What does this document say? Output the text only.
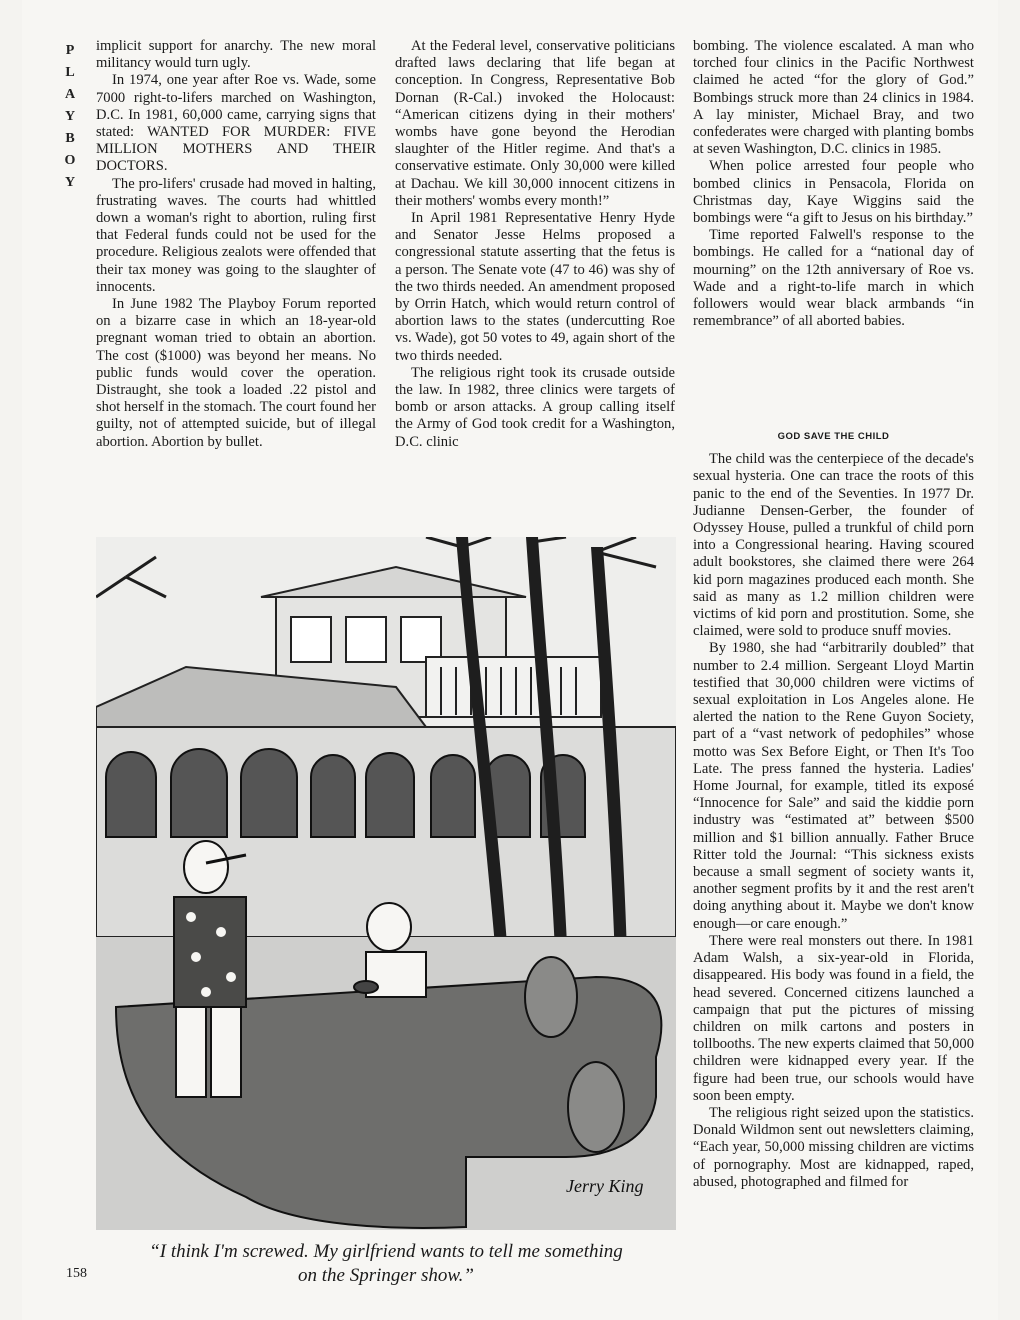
P
L
A
Y
B
O
Y

implicit support for anarchy. The new moral militancy would turn ugly.

In 1974, one year after Roe vs. Wade, some 7000 right-to-lifers marched on Washington, D.C. In 1981, 60,000 came, carrying signs that stated: WANTED FOR MURDER: FIVE MILLION MOTHERS AND THEIR DOCTORS.

The pro-lifers' crusade had moved in halting, frustrating waves. The courts had whittled down a woman's right to abortion, ruling first that Federal funds could not be used for the procedure. Religious zealots were offended that their tax money was going to the slaughter of innocents.

In June 1982 The Playboy Forum reported on a bizarre case in which an 18-year-old pregnant woman tried to obtain an abortion. The cost ($1000) was beyond her means. No public funds would cover the operation. Distraught, she took a loaded .22 pistol and shot herself in the stomach. The court found her guilty, not of attempted suicide, but of illegal abortion. Abortion by bullet.

At the Federal level, conservative politicians drafted laws declaring that life began at conception. In Congress, Representative Bob Dornan (R-Cal.) invoked the Holocaust: “American citizens dying in their mothers' wombs have gone beyond the Herodian slaughter of the Hitler regime. And that's a conservative estimate. Only 30,000 were killed at Dachau. We kill 30,000 innocent citizens in their mothers' wombs every month!”

In April 1981 Representative Henry Hyde and Senator Jesse Helms proposed a congressional statute asserting that the fetus is a person. The Senate vote (47 to 46) was shy of the two thirds needed. An amendment proposed by Orrin Hatch, which would return control of abortion laws to the states (undercutting Roe vs. Wade), got 50 votes to 49, again short of the two thirds needed.

The religious right took its crusade outside the law. In 1982, three clinics were targets of bomb or arson attacks. A group calling itself the Army of God took credit for a Washington, D.C. clinic

bombing. The violence escalated. A man who torched four clinics in the Pacific Northwest claimed he acted “for the glory of God.” Bombings struck more than 24 clinics in 1984. A lay minister, Michael Bray, and two confederates were charged with planting bombs at seven Washington, D.C. clinics in 1985.

When police arrested four people who bombed clinics in Pensacola, Florida on Christmas day, Kaye Wiggins said the bombings were “a gift to Jesus on his birthday.”

Time reported Falwell's response to the bombings. He called for a “national day of mourning” on the 12th anniversary of Roe vs. Wade and a right-to-life march in which followers would wear black armbands “in remembrance” of all aborted babies.

GOD SAVE THE CHILD

The child was the centerpiece of the decade's sexual hysteria. One can trace the roots of this panic to the end of the Seventies. In 1977 Dr. Judianne Densen-Gerber, the founder of Odyssey House, pulled a trunkful of child porn into a Congressional hearing. Having scoured adult bookstores, she claimed there were 264 kid porn magazines produced each month. She said as many as 1.2 million children were victims of kid porn and prostitution. Some, she claimed, were sold to produce snuff movies.

By 1980, she had “arbitrarily doubled” that number to 2.4 million. Sergeant Lloyd Martin testified that 30,000 children were victims of sexual exploitation in Los Angeles alone. He alerted the nation to the Rene Guyon Society, part of a “vast network of pedophiles” whose motto was Sex Before Eight, or Then It's Too Late. The press fanned the hysteria. Ladies' Home Journal, for example, titled its exposé “Innocence for Sale” and said the kiddie porn industry was “estimated at” between $500 million and $1 billion annually. Father Bruce Ritter told the Journal: “This sickness exists because a small segment of society wants it, another segment profits by it and the rest aren't doing anything about it. Maybe we don't know enough—or care enough.”

There were real monsters out there. In 1981 Adam Walsh, a six-year-old in Florida, disappeared. His body was found in a field, the head severed. Concerned citizens launched a campaign that put the pictures of missing children on milk cartons and posters in tollbooths. The new experts claimed that 50,000 children were kidnapped every year. If the figure had been true, our schools would have soon been empty.

The religious right seized upon the statistics. Donald Wildmon sent out newsletters claiming, “Each year, 50,000 missing children are victims of pornography. Most are kidnapped, raped, abused, photographed and filmed for

Jerry King
“I think I'm screwed. My girlfriend wants to tell me something
on the Springer show.”
158
